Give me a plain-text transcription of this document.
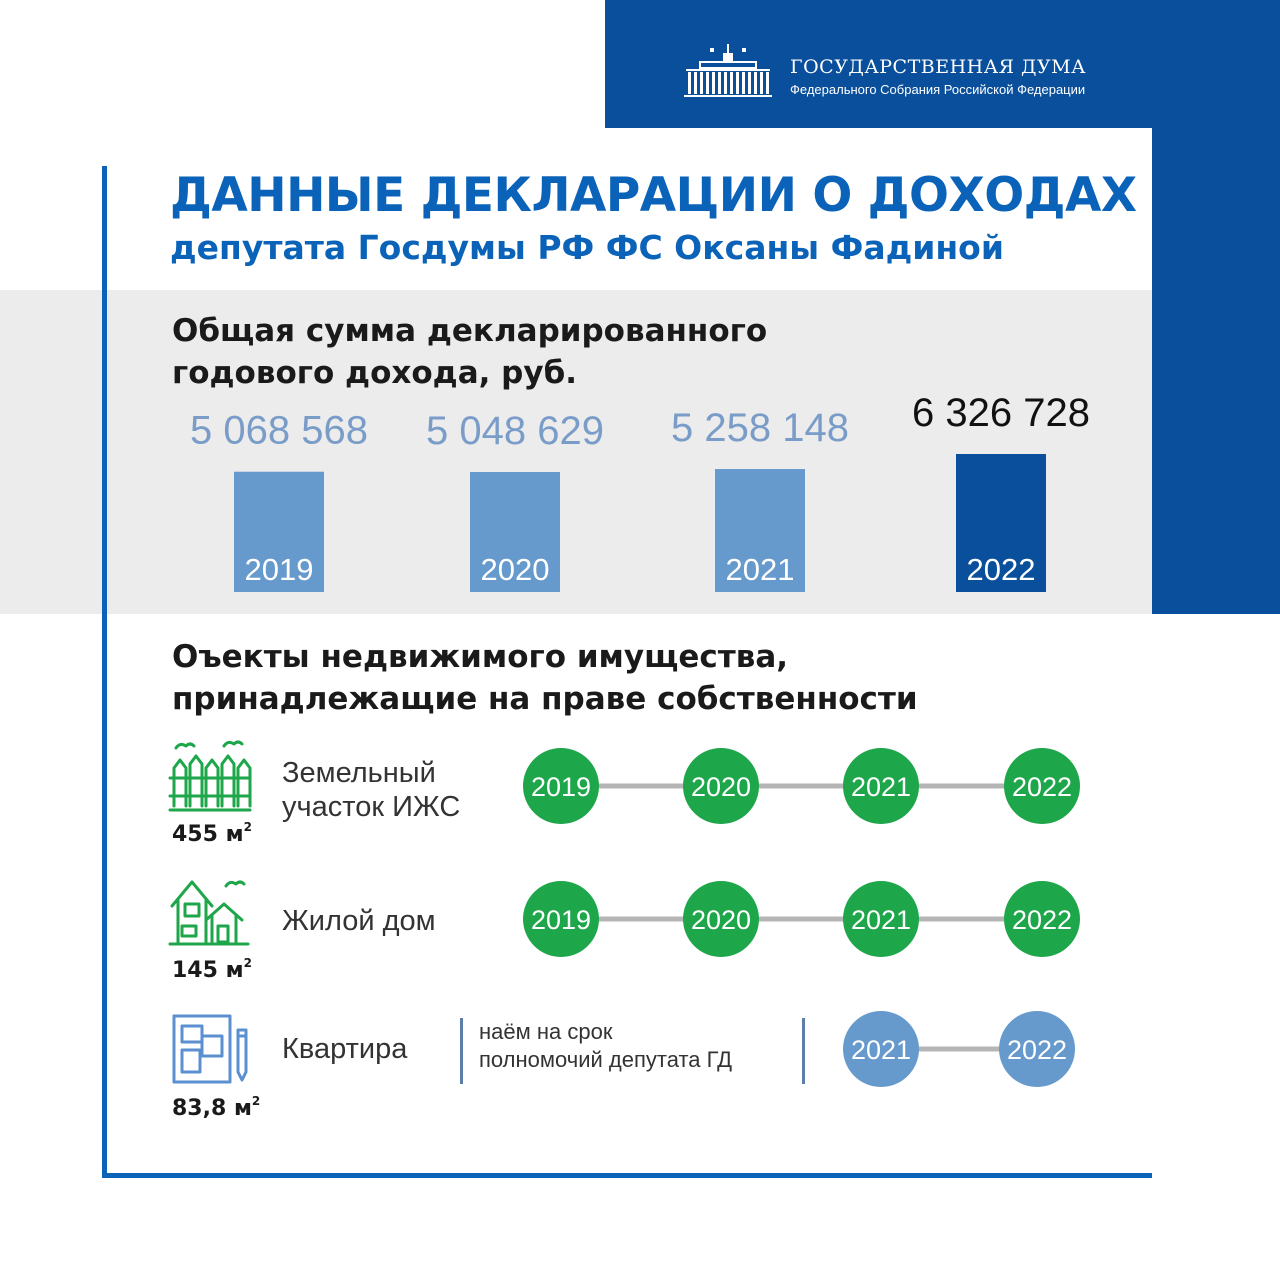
ГОСУДАРСТВЕННАЯ ДУМА
Федерального Собрания Российской Федерации
ДАННЫЕ ДЕКЛАРАЦИИ О ДОХОДАХ
депутата Госдумы РФ ФС Оксаны Фадиной
Общая сумма декларированного
годового дохода, руб.
2019
5 068 568
2020
5 048 629
2021
5 258 148
2022
6 326 728
Оъекты недвижимого имущества,
принадлежащие на праве собственности
455 $м^2$
Земельный
участок ИЖС
145 $м^2$
Жилой дом
83,8 $м^2$
Квартира
наём на срок
полномочий депутата ГД
2019	2020	2021	2022
2019	2020	2021	2022
2021	2022
